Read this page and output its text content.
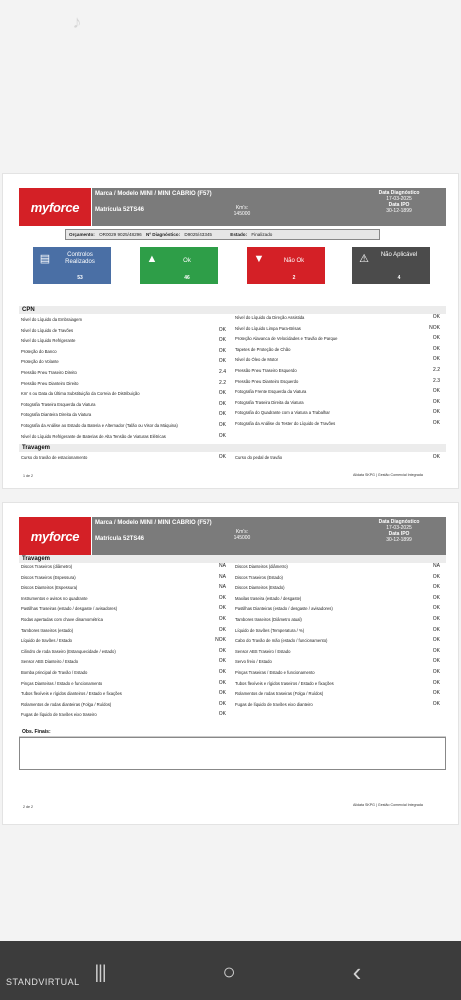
♪
myforce
Marca / Modelo MINI / MINI CABRIO (F57)
Matrícula 52TS46	Km's:
145000
Data Diagnóstico
17-03-2025
Data IPO
30-12-1899
Orçamento: OR0029 9025/48296 Nº Diagnóstico: D9025/43345	Estado: Finalizado
▤	Controlos Realizados
53
▲	Ok
46
▼	Não Ok
2
⚠	Não Aplicável
4
CPN
Nível do Líquido da Embraiagem
Nível do Líquido de Travões	OK
Nível do Líquido Refrigerante	OK
Proteção do Banco	OK
Proteção do Volante	OK
Pressão Pneu Traseiro Direito	2.4
Pressão Pneu Dianteiro Direito	2.2
Km' s ou Data da Última Substituição da Correia de Distribuição	OK
Fotografia Traseira Esquerda da Viatura	OK
Fotografia Dianteira Direita da Viatura	OK
Fotografia da Análise ao Estado da Bateria e Alternador (Talão ou Visor da Máquina)	OK
Nível do Líquido Refrigerante de Baterias de Alta Tensão de Viaturas Elétricas	OK
Nível do Líquido da Direção Assistida	OK
Nível do Líquido Limpa Para-Brisas	NOK
Proteção Alavanca de Velocidades e Travão de Parque	OK
Tapetes de Proteção de Chão	OK
Nível do Óleo de Motor	OK
Pressão Pneu Traseiro Esquerdo	2.2
Pressão Pneu Dianteiro Esquerdo	2.3
Fotografia Frente Esquerda da Viatura	OK
Fotografia Traseira Direita da Viatura	OK
Fotografia do Quadrante com a Viatura a Trabalhar	OK
Fotografia da Análise do Tester do Líquido de Travões	OK
Travagem
Curso do travão de estacionamento	OK Curso do pedal de travão	OK
1 de 2	Alidata SKPG | Gestão Comercial Integrada
myforce
Marca / Modelo MINI / MINI CABRIO (F57)
Matrícula 52TS46
Km's:
145000
Data Diagnóstico
17-03-2025
Data IPO
30-12-1899
Travagem
Discos Traseiros (diâmetro)	NA
Discos Traseiros (Espessura)	NA
Discos Dianteiros (Espessura)	NA
Instrumentos e avisos no quadrante	OK
Pastilhas Traseiras (estado / desgaste / avisadores)	OK
Rodas apertadas com chave dinamométrica	OK
Tambores traseiros (estado)	OK
Líquido de travões / Estado	NOK
Cilindro de roda traseiro (Estanquecidade / estado)	OK
Sensor ABS Dianteiro / Estado	OK
Bomba principal de Travão / Estado	OK
Pinças Dianteiras / Estado e funcionamento	OK
Tubos flexíveis e rígidos dianteiros / Estado e fixações	OK
Rolamentos de rodas dianteiras (Folga / Ruídos)	OK
Fugas de líquido de travões eixo traseiro	OK
Discos Dianteiros (diâmetro)	NA
Discos Traseiros (Estado)	OK
Discos Dianteiros (Estado)	OK
Maxilas traseira (estado / desgaste)	OK
Pastilhas Dianteiras (estado / desgaste / avisadores)	OK
Tambores traseiros (Diâmetro atual)	OK
Líquido de travões (Temperatura / %)	OK
Cabo do Travão de mão (estado / funcionamento)	OK
Sensor ABS Traseiro / Estado	OK
Servo freio / Estado	OK
Pinças Traseiras / Estado e funcionamento	OK
Tubos flexíveis e rígidos traseiros / Estado e fixações	OK
Rolamentos de rodas traseiras (Folga / Ruídos)	OK
Fugas de líquido de travões eixo dianteiro	OK
Obs. Finais:
2 de 2	Alidata SKPG | Gestão Comercial Integrada
|||	○	‹
STANDVIRTUAL
